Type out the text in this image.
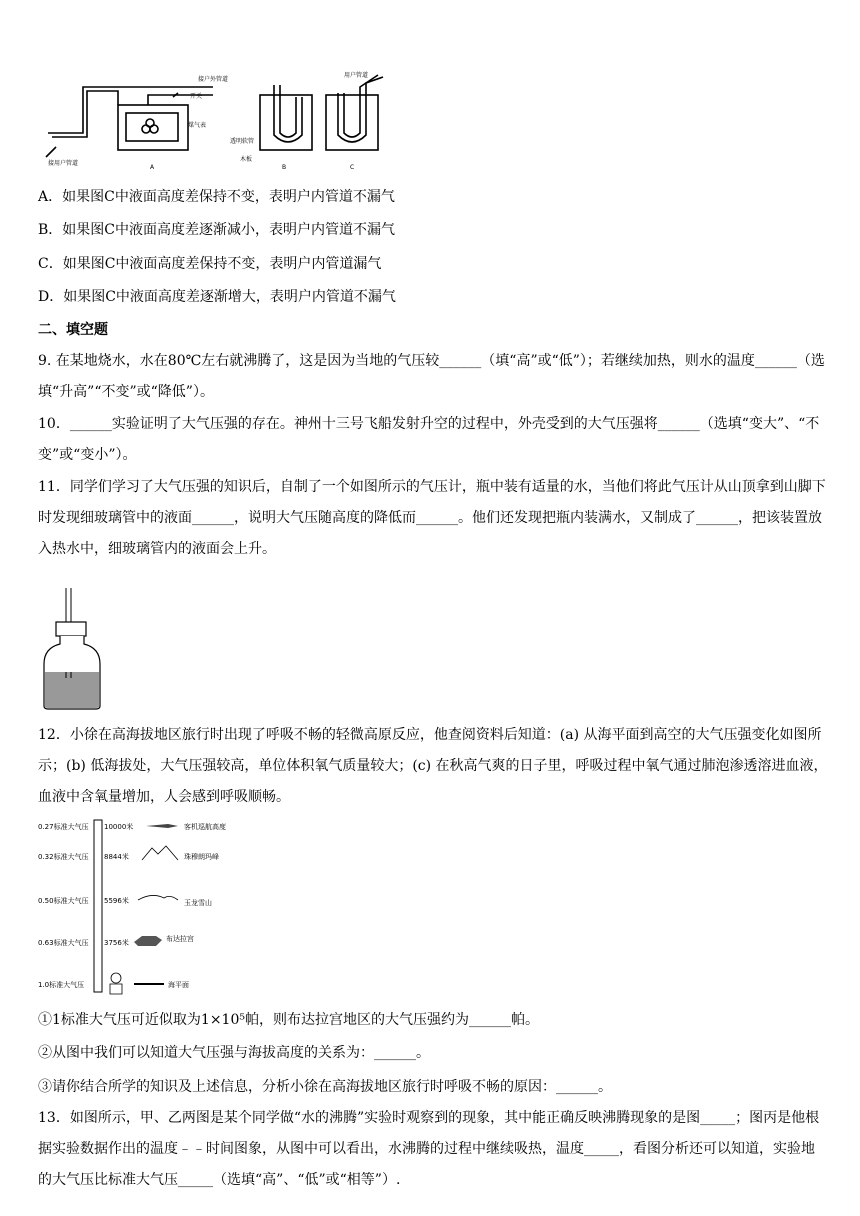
接户外管道
开关
煤气表
接用户管道
透明软管
木板
用户管道
A	B	C
A．如果图C中液面高度差保持不变，表明户内管道不漏气
B．如果图C中液面高度差逐渐减小，表明户内管道不漏气
C．如果图C中液面高度差保持不变，表明户内管道漏气
D．如果图C中液面高度差逐渐增大，表明户内管道不漏气
二、填空题
9. 在某地烧水，水在80℃左右就沸腾了，这是因为当地的气压较______（填“高”或“低”）；若继续加热，则水的温度______（选填“升高”“不变”或“降低”）。
10．______实验证明了大气压强的存在。神州十三号飞船发射升空的过程中，外壳受到的大气压强将______（选填“变大”、“不变”或“变小”）。
11．同学们学习了大气压强的知识后，自制了一个如图所示的气压计，瓶中装有适量的水，当他们将此气压计从山顶拿到山脚下时发现细玻璃管中的液面______，说明大气压随高度的降低而______。他们还发现把瓶内装满水，又制成了______，把该装置放入热水中，细玻璃管内的液面会上升。
12．小徐在高海拔地区旅行时出现了呼吸不畅的轻微高原反应，他查阅资料后知道：(a) 从海平面到高空的大气压强变化如图所示；(b) 低海拔处，大气压强较高，单位体积氧气质量较大；(c) 在秋高气爽的日子里，呼吸过程中氧气通过肺泡渗透溶进血液，血液中含氧量增加，人会感到呼吸顺畅。
0.27标准大气压 10000米	客机巡航高度
0.32标准大气压 8844米	珠穆朗玛峰
0.50标准大气压 5596米	玉龙雪山
0.63标准大气压 3756米	布达拉宫
1.0标准大气压	海平面
①1标准大气压可近似取为1×10⁵帕，则布达拉宫地区的大气压强约为______帕。
②从图中我们可以知道大气压强与海拔高度的关系为：______。
③请你结合所学的知识及上述信息，分析小徐在高海拔地区旅行时呼吸不畅的原因：______。
13．如图所示，甲、乙两图是某个同学做“水的沸腾”实验时观察到的现象，其中能正确反映沸腾现象的是图_____；图丙是他根据实验数据作出的温度﹣﹣时间图象，从图中可以看出，水沸腾的过程中继续吸热，温度_____，看图分析还可以知道，实验地的大气压比标准大气压_____（选填“高”、“低”或“相等”）.
